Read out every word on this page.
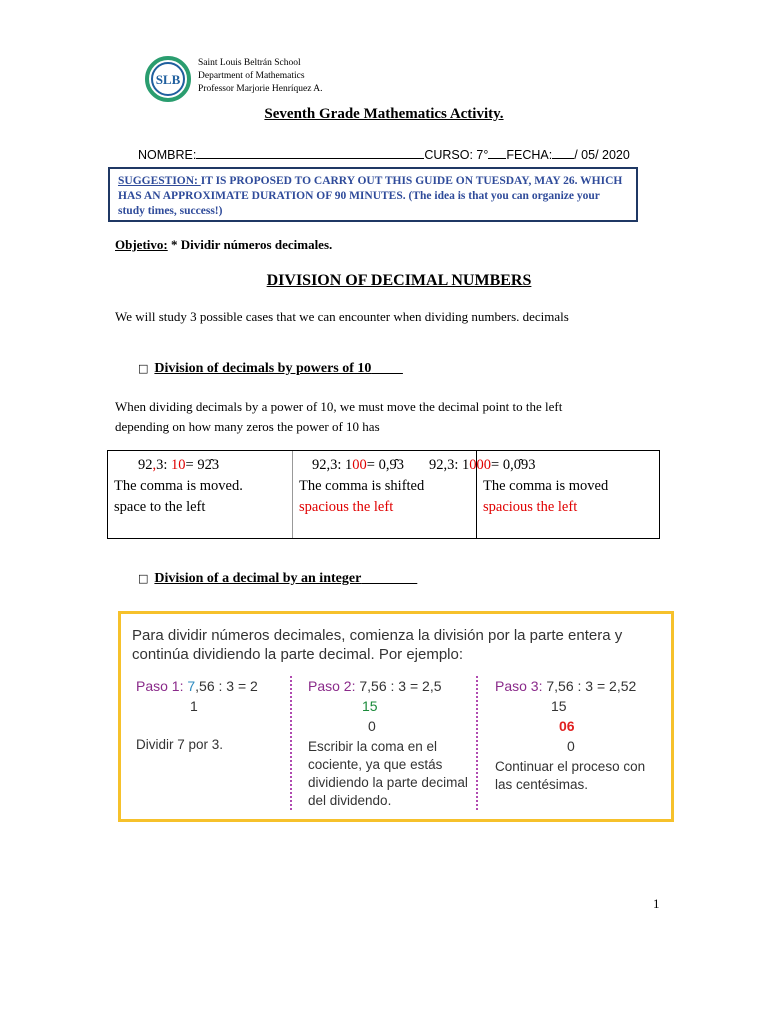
SLB
Saint Louis Beltrán School
Department of Mathematics
Professor Marjorie Henríquez A.
Seventh Grade Mathematics Activity.
NOMBRE:	CURSO: 7° FECHA: / 05/ 2020
SUGGESTION: IT IS PROPOSED TO CARRY OUT THIS GUIDE ON TUESDAY, MAY 26. WHICH HAS AN APPROXIMATE DURATION OF 90 MINUTES. (The idea is that you can organize your study times, success!)
Objetivo: * Dividir números decimales.
DIVISION OF DECIMAL NUMBERS
We will study 3 possible cases that we can encounter when dividing numbers. decimals
□ Division of decimals by powers of 10
When dividing decimals by a power of 10, we must move the decimal point to the left depending on how many zeros the power of 10 has
92,3: 10= 92̑3
The comma is moved.
space to the left
92,3: 100= 0,9̑3
The comma is shifted
spacious the left
92,3: 1000= 0,0̑93
The comma is moved
spacious the left
□ Division of a decimal by an integer
Para dividir números decimales, comienza la división por la parte entera y continúa dividiendo la parte decimal. Por ejemplo:
Paso 1: 7,56 : 3 = 2
1
Dividir 7 por 3.
Paso 2: 7,56 : 3 = 2,5
15
0
Escribir la coma en el cociente, ya que estás dividiendo la parte decimal del dividendo.
Paso 3: 7,56 : 3 = 2,52
15
06
0
Continuar el proceso con las centésimas.
1
